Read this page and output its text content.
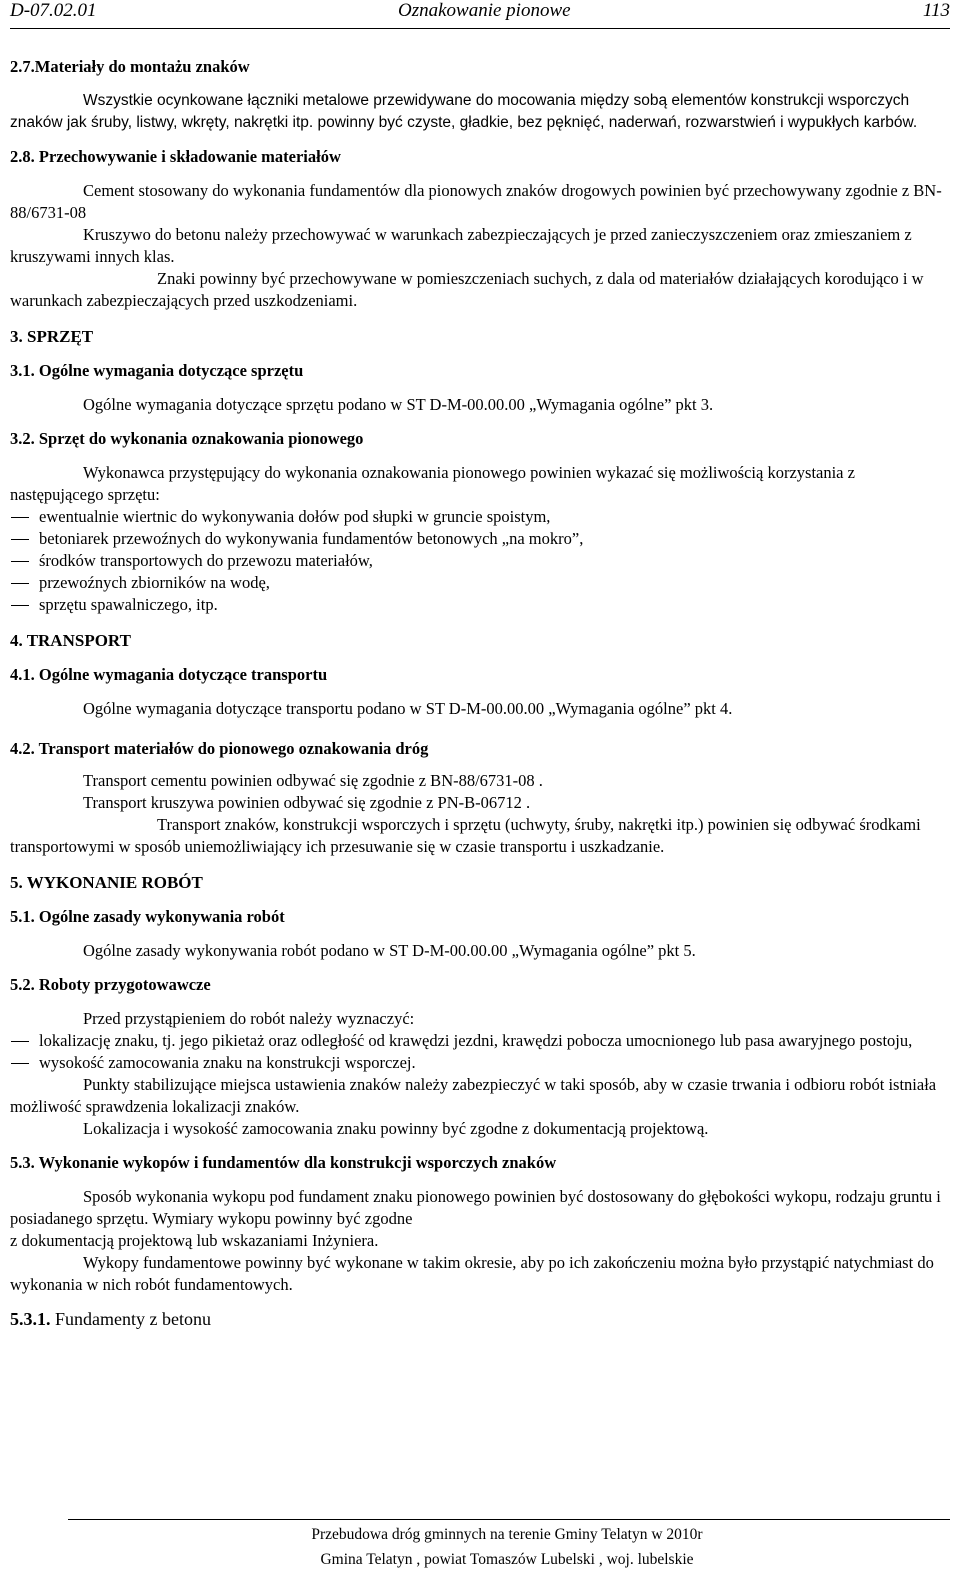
D-07.02.01	Oznakowanie pionowe	113

2.7.Materiały do montażu znaków

Wszystkie ocynkowane łączniki metalowe przewidywane do mocowania między sobą elementów konstrukcji wsporczych znaków jak śruby, listwy, wkręty, nakrętki itp. powinny być czyste, gładkie, bez pęknięć, naderwań, rozwarstwień i wypukłych karbów.

2.8. Przechowywanie i składowanie materiałów

Cement stosowany do wykonania fundamentów dla pionowych znaków drogowych powinien być przechowywany zgodnie z BN-88/6731-08

Kruszywo do betonu należy przechowywać w warunkach zabezpieczających je przed zanieczyszczeniem oraz zmieszaniem z kruszywami innych klas.

Znaki powinny być przechowywane w pomieszczeniach suchych, z dala od materiałów działających korodująco i w warunkach zabezpieczających przed uszkodzeniami.

3. SPRZĘT

3.1. Ogólne wymagania dotyczące sprzętu

Ogólne wymagania dotyczące sprzętu podano w ST D-M-00.00.00 „Wymagania ogólne” pkt 3.

3.2. Sprzęt do wykonania oznakowania pionowego

Wykonawca przystępujący do wykonania oznakowania pionowego powinien wykazać się możliwością korzystania z następującego sprzętu:

ewentualnie wiertnic do wykonywania dołów pod słupki w gruncie spoistym,
betoniarek przewoźnych do wykonywania fundamentów betonowych „na mokro”,
środków transportowych do przewozu materiałów,
przewoźnych zbiorników na wodę,
sprzętu spawalniczego, itp.

4. TRANSPORT

4.1. Ogólne wymagania dotyczące transportu

Ogólne wymagania dotyczące transportu podano w ST D-M-00.00.00 „Wymagania ogólne” pkt 4.

4.2. Transport materiałów do pionowego oznakowania dróg

Transport cementu powinien odbywać się zgodnie z BN-88/6731-08 .

Transport kruszywa powinien odbywać się zgodnie z PN-B-06712 .

Transport znaków, konstrukcji wsporczych i sprzętu (uchwyty, śruby, nakrętki itp.) powinien się odbywać środkami transportowymi w sposób uniemożliwiający ich przesuwanie się w czasie transportu i uszkadzanie.

5. WYKONANIE ROBÓT

5.1. Ogólne zasady wykonywania robót

Ogólne zasady wykonywania robót podano w ST D-M-00.00.00 „Wymagania ogólne” pkt 5.

5.2. Roboty przygotowawcze

Przed przystąpieniem do robót należy wyznaczyć:

lokalizację znaku, tj. jego pikietaż oraz odległość od krawędzi jezdni, krawędzi pobocza umocnionego lub pasa awaryjnego postoju,
wysokość zamocowania znaku na konstrukcji wsporczej.

Punkty stabilizujące miejsca ustawienia znaków należy zabezpieczyć w taki sposób, aby w czasie trwania i odbioru robót istniała możliwość sprawdzenia lokalizacji znaków.

Lokalizacja i wysokość zamocowania znaku powinny być zgodne z dokumentacją projektową.

5.3. Wykonanie wykopów i fundamentów dla konstrukcji wsporczych znaków

Sposób wykonania wykopu pod fundament znaku pionowego powinien być dostosowany do głębokości wykopu, rodzaju gruntu i posiadanego sprzętu. Wymiary wykopu powinny być zgodne

z dokumentacją projektową lub wskazaniami Inżyniera.

Wykopy fundamentowe powinny być wykonane w takim okresie, aby po ich zakończeniu można było przystąpić natychmiast do wykonania w nich robót fundamentowych.

5.3.1. Fundamenty z betonu

Przebudowa dróg gminnych na terenie Gminy Telatyn w 2010r
Gmina Telatyn , powiat Tomaszów Lubelski , woj. lubelskie
